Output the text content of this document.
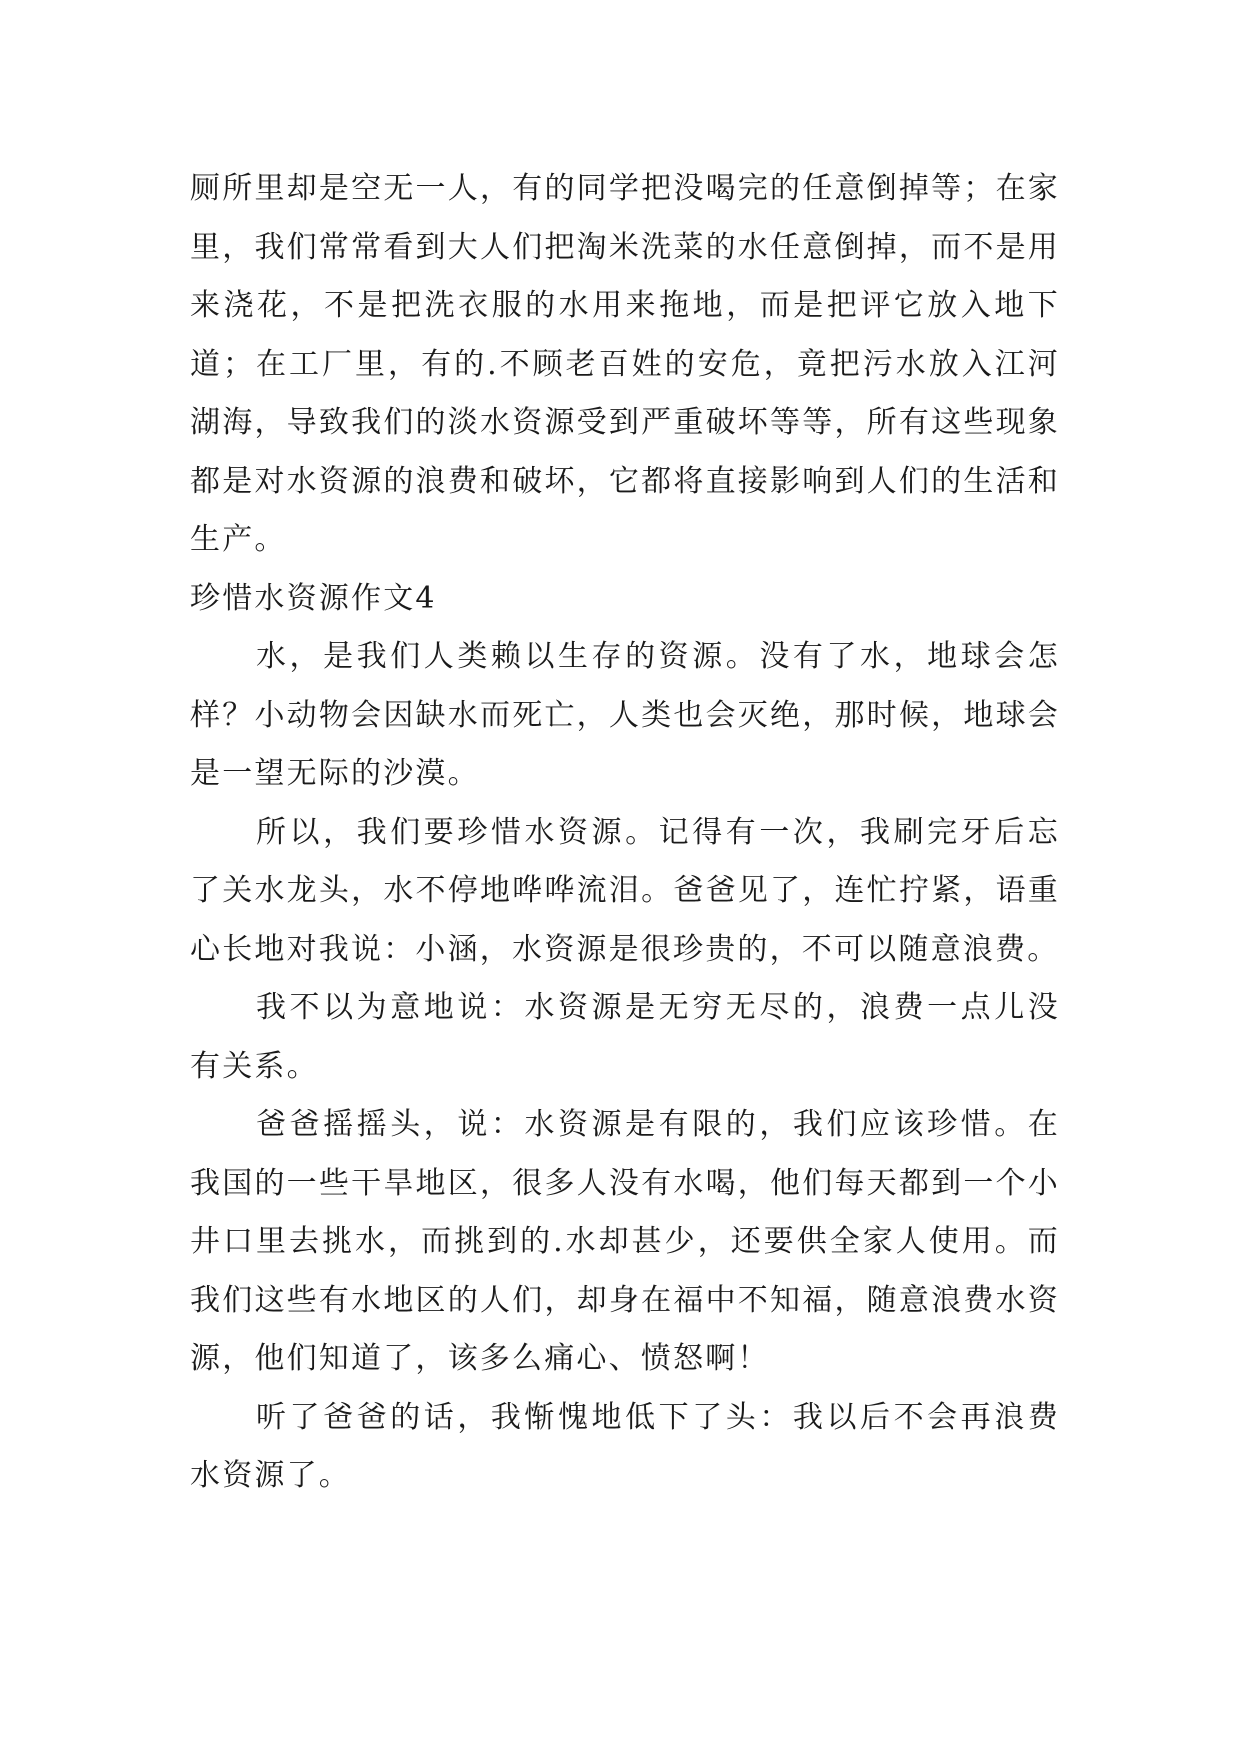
厕所里却是空无一人，有的同学把没喝完的任意倒掉等；在家里，我们常常看到大人们把淘米洗菜的水任意倒掉，而不是用来浇花，不是把洗衣服的水用来拖地，而是把评它放入地下道；在工厂里，有的.不顾老百姓的安危，竟把污水放入江河湖海，导致我们的淡水资源受到严重破坏等等，所有这些现象都是对水资源的浪费和破坏，它都将直接影响到人们的生活和生产。

珍惜水资源作文4

水，是我们人类赖以生存的资源。没有了水，地球会怎样？小动物会因缺水而死亡，人类也会灭绝，那时候，地球会是一望无际的沙漠。

所以，我们要珍惜水资源。记得有一次，我刷完牙后忘了关水龙头，水不停地哗哗流泪。爸爸见了，连忙拧紧，语重心长地对我说：小涵，水资源是很珍贵的，不可以随意浪费。

我不以为意地说：水资源是无穷无尽的，浪费一点儿没有关系。

爸爸摇摇头，说：水资源是有限的，我们应该珍惜。在我国的一些干旱地区，很多人没有水喝，他们每天都到一个小井口里去挑水，而挑到的.水却甚少，还要供全家人使用。而我们这些有水地区的人们，却身在福中不知福，随意浪费水资源，他们知道了，该多么痛心、愤怒啊！

听了爸爸的话，我惭愧地低下了头：我以后不会再浪费水资源了。
